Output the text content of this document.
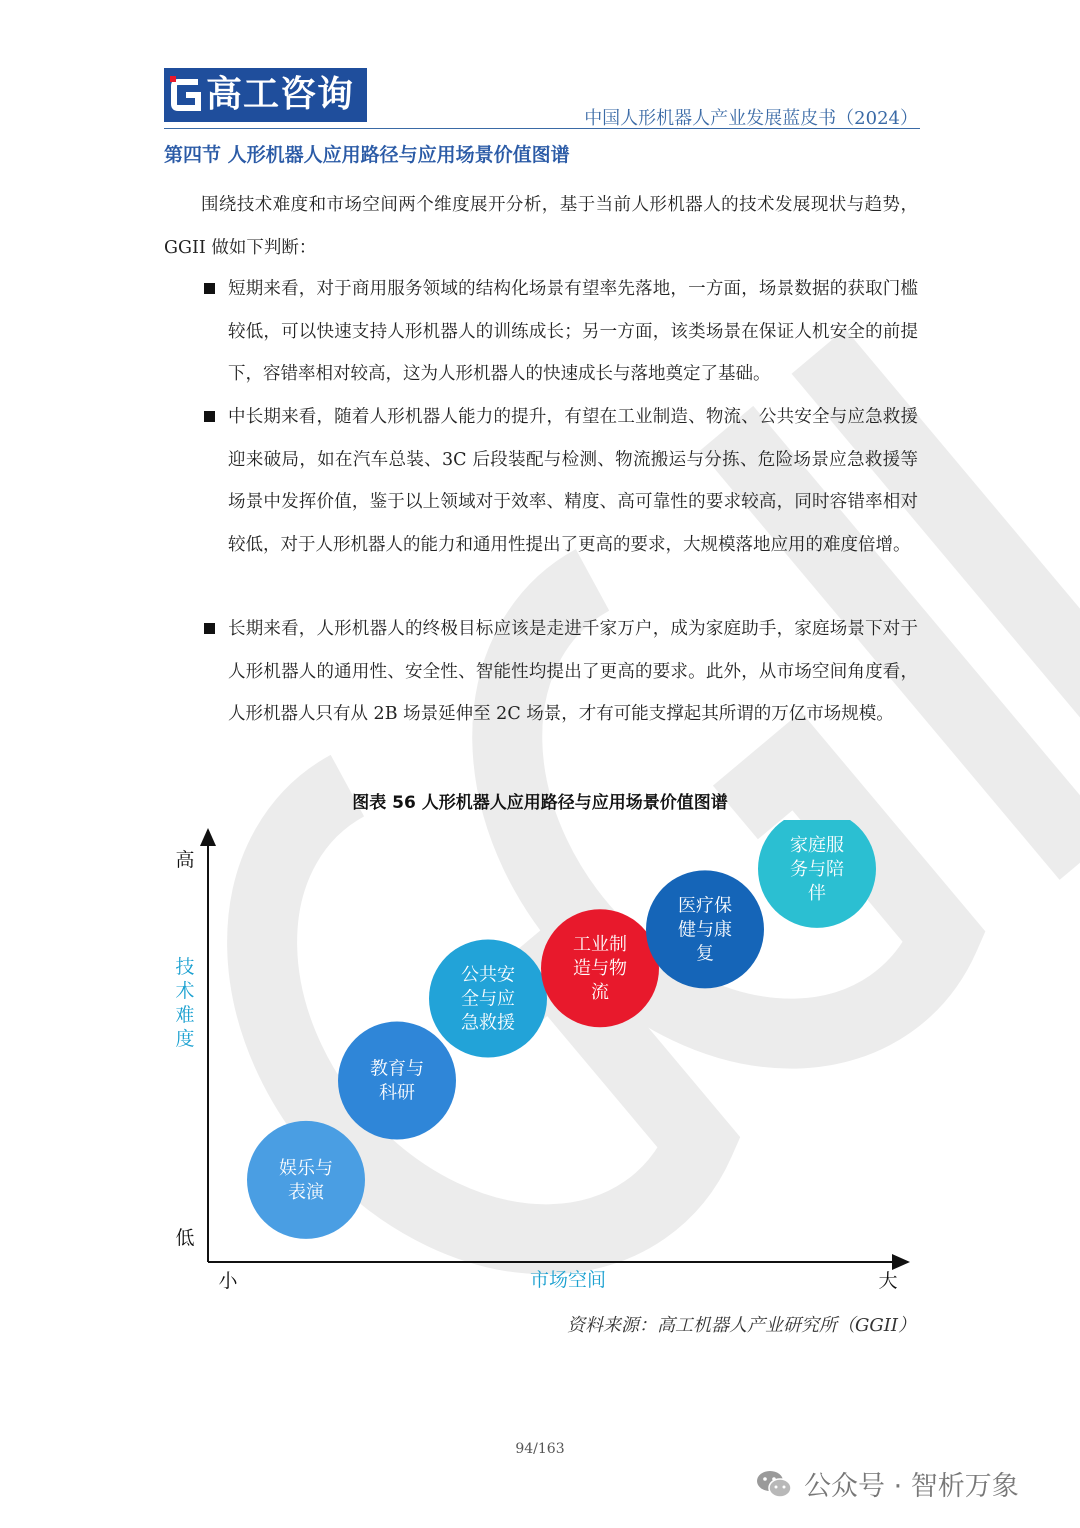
高工咨询
中国人形机器人产业发展蓝皮书（2024）
第四节 人形机器人应用路径与应用场景价值图谱
围绕技术难度和市场空间两个维度展开分析，基于当前人形机器人的技术发展现状与趋势，GGII 做如下判断：
短期来看，对于商用服务领域的结构化场景有望率先落地，一方面，场景数据的获取门槛较低，可以快速支持人形机器人的训练成长；另一方面，该类场景在保证人机安全的前提下，容错率相对较高，这为人形机器人的快速成长与落地奠定了基础。
中长期来看，随着人形机器人能力的提升，有望在工业制造、物流、公共安全与应急救援迎来破局，如在汽车总装、3C 后段装配与检测、物流搬运与分拣、危险场景应急救援等场景中发挥价值，鉴于以上领域对于效率、精度、高可靠性的要求较高，同时容错率相对较低，对于人形机器人的能力和通用性提出了更高的要求，大规模落地应用的难度倍增。
长期来看，人形机器人的终极目标应该是走进千家万户，成为家庭助手，家庭场景下对于人形机器人的通用性、安全性、智能性均提出了更高的要求。此外，从市场空间角度看，人形机器人只有从 2B 场景延伸至 2C 场景，才有可能支撑起其所谓的万亿市场规模。
图表 56 人形机器人应用路径与应用场景价值图谱
高
低
小	大
市场空间
技
术
难
度
娱乐与表演
教育与科研
公共安全与应急救援
工业制造与物流
医疗保健与康复
家庭服务与陪伴
资料来源：高工机器人产业研究所（GGII）
94/163
公众号 · 智析万象
